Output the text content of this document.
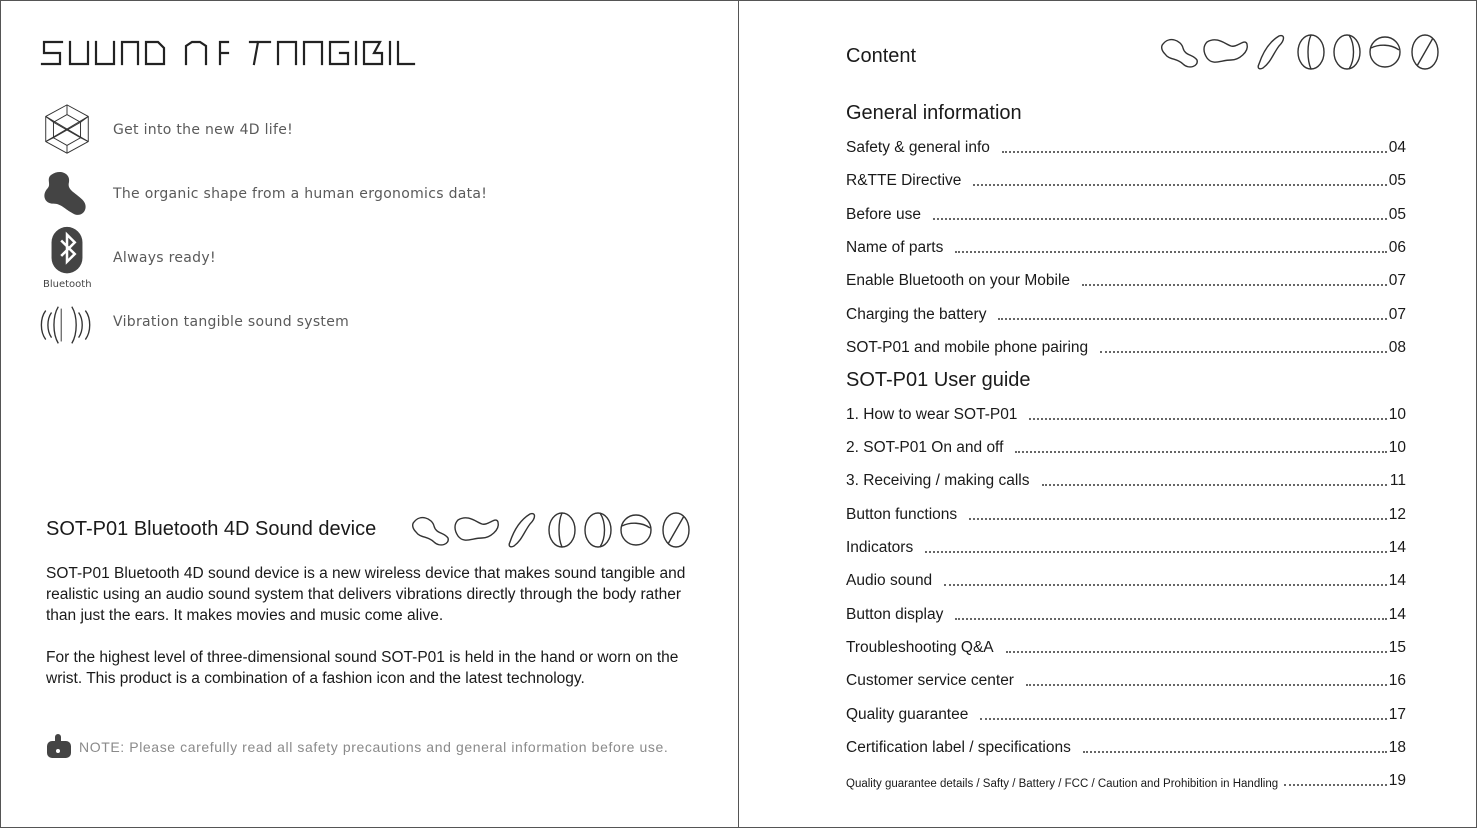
Get into the new 4D life!
The organic shape from a human ergonomics data!
Bluetooth
Always ready!
Vibration tangible sound system
SOT-P01 Bluetooth 4D Sound device

SOT-P01 Bluetooth 4D sound device is a new wireless device that makes sound tangible and realistic using an audio sound system that delivers vibrations directly through the body rather than just the ears. It makes movies and music come alive.

For the highest level of three-dimensional sound SOT-P01 is held in the hand or worn on the wrist. This product is a combination of a fashion icon and the latest technology.

NOTE: Please carefully read all safety precautions and general information before use.
Content
General information
Safety & general info	04
R&TTE Directive	05
Before use	05
Name of parts	06
Enable Bluetooth on your Mobile	07
Charging the battery	07
SOT-P01 and mobile phone pairing	08
SOT-P01 User guide
1. How to wear SOT-P01	10
2. SOT-P01 On and off	10
3. Receiving / making calls	11
Button functions	12
Indicators	14
Audio sound	14
Button display	14
Troubleshooting Q&A	15
Customer service center	16
Quality guarantee	17
Certification label / specifications	18
Quality guarantee details / Safty / Battery / FCC / Caution and Prohibition in Handling	19
